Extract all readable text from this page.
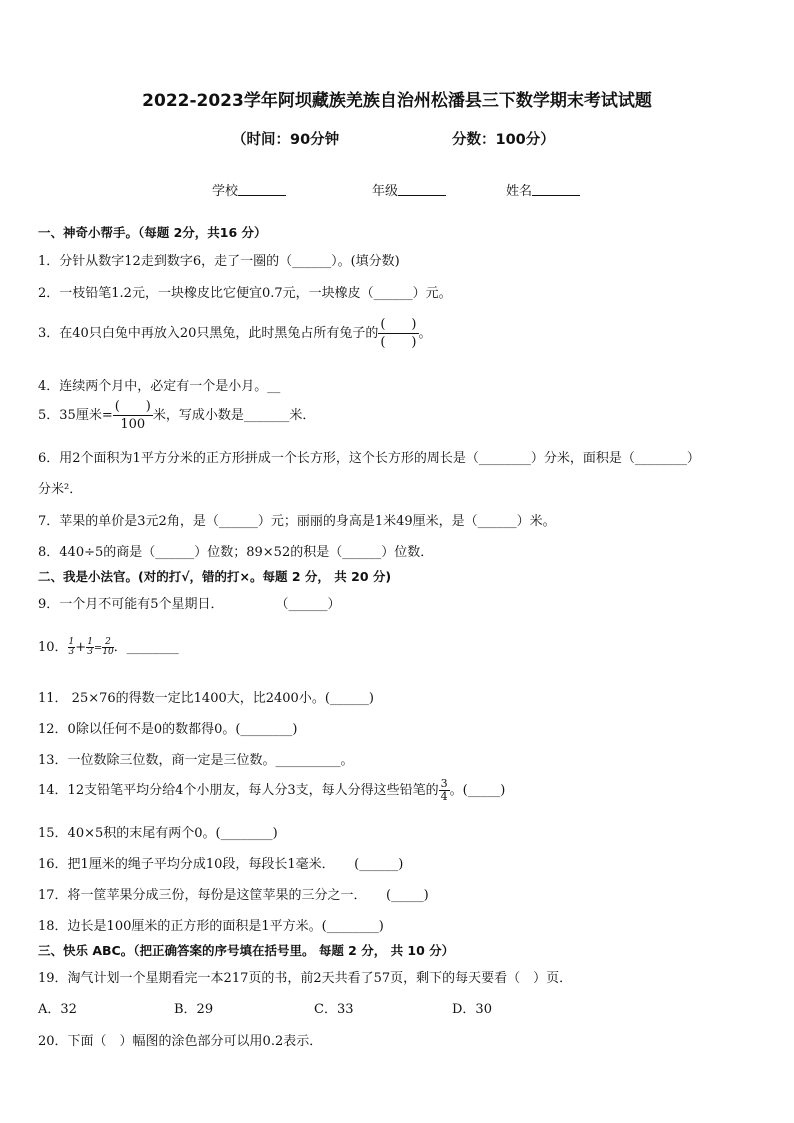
2022-2023学年阿坝藏族羌族自治州松潘县三下数学期末考试试题
（时间：90分钟	分数：100分）
学校	年级	姓名
一、神奇小帮手。（每题 2分，共16 分）
1．分针从数字12走到数字6，走了一圈的（______）。(填分数)
2．一枝铅笔1.2元，一块橡皮比它便宜0.7元，一块橡皮（______）元。
3．在40只白兔中再放入20只黑兔，此时黑兔占所有兔子的 $\frac{( )}{( )}$ 。
4．连续两个月中，必定有一个是小月。__
5．35厘米= $\frac{( )}{100}$ 米，写成小数是_______米．
6．用2个面积为1平方分米的正方形拼成一个长方形，这个长方形的周长是（________）分米，面积是（________）
分米²．
7．苹果的单价是3元2角，是（______）元；丽丽的身高是1米49厘米，是（______）米。
8．440÷5的商是（______）位数；89×52的积是（______）位数．
二、我是小法官。(对的打√，错的打×。每题 2 分， 共 20 分)
9．一个月不可能有5个星期日．　　　　　（______）
10． $\frac{1}{3} + \frac{1}{3} = \frac{2}{10}$ ．________
11． 25×76的得数一定比1400大，比2400小。(______)
12．0除以任何不是0的数都得0。(________)
13．一位数除三位数，商一定是三位数。__________。
14．12支铅笔平均分给4个小朋友，每人分3支，每人分得这些铅笔的 $\frac{3}{4}$ 。(_____)
15．40×5积的末尾有两个0。(________)
16．把1厘米的绳子平均分成10段，每段长1毫米．　　(______)
17．将一筐苹果分成三份，每份是这筐苹果的三分之一．　　(_____)
18．边长是100厘米的正方形的面积是1平方米。(________)
三、快乐 ABC。（把正确答案的序号填在括号里。 每题 2 分， 共 10 分）
19．淘气计划一个星期看完一本217页的书，前2天共看了57页，剩下的每天要看（　）页．
A．32	B．29	C．33	D．30
20．下面（　）幅图的涂色部分可以用0.2表示．
